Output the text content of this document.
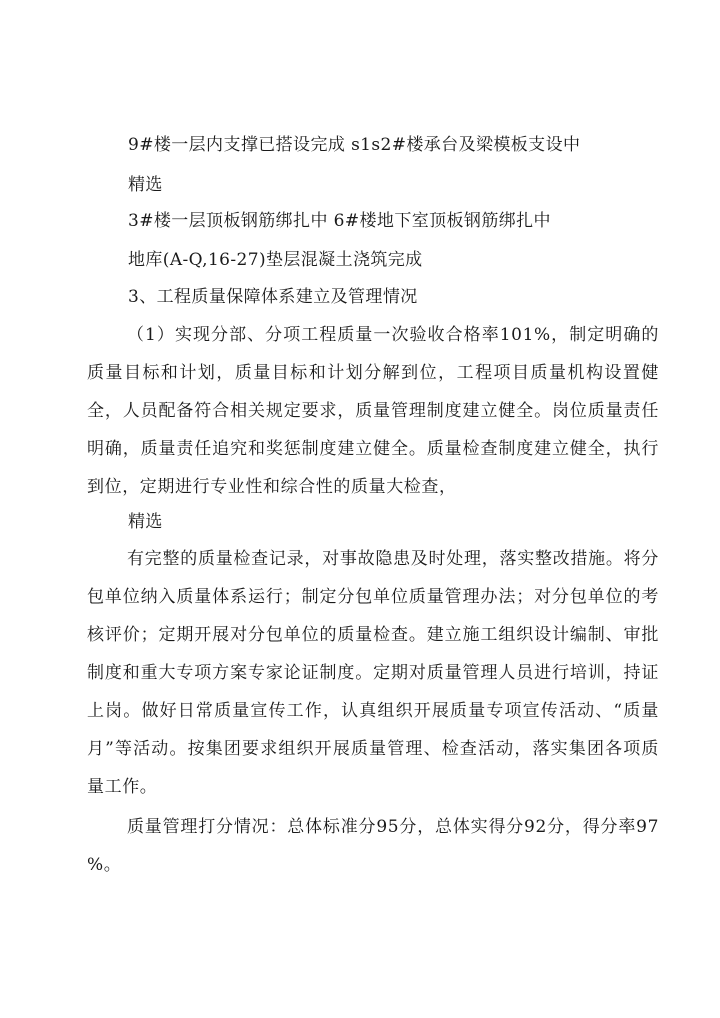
9#楼一层内支撑已搭设完成 s1s2#楼承台及梁模板支设中
精选
3#楼一层顶板钢筋绑扎中 6#楼地下室顶板钢筋绑扎中
地库(A-Q,16-27)垫层混凝土浇筑完成
3、工程质量保障体系建立及管理情况
（1）实现分部、分项工程质量一次验收合格率101%，制定明确的质量目标和计划，质量目标和计划分解到位，工程项目质量机构设置健全，人员配备符合相关规定要求，质量管理制度建立健全。岗位质量责任明确，质量责任追究和奖惩制度建立健全。质量检查制度建立健全，执行到位，定期进行专业性和综合性的质量大检查，
精选
有完整的质量检查记录，对事故隐患及时处理，落实整改措施。将分包单位纳入质量体系运行；制定分包单位质量管理办法；对分包单位的考核评价；定期开展对分包单位的质量检查。建立施工组织设计编制、审批制度和重大专项方案专家论证制度。定期对质量管理人员进行培训，持证上岗。做好日常质量宣传工作，认真组织开展质量专项宣传活动、“质量月”等活动。按集团要求组织开展质量管理、检查活动，落实集团各项质量工作。
质量管理打分情况：总体标准分95分，总体实得分92分，得分率97 %。
